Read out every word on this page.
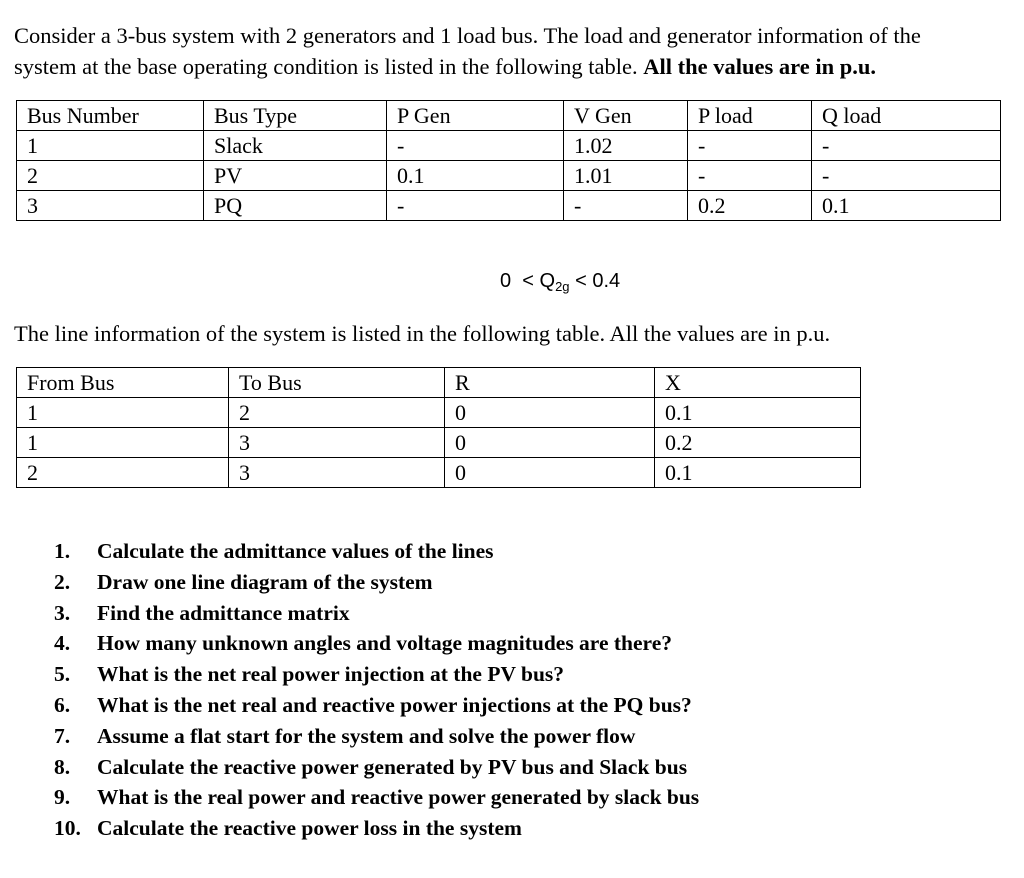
Consider a 3-bus system with 2 generators and 1 load bus. The load and generator information of the
system at the base operating condition is listed in the following table. All the values are in p.u.

Bus Number	Bus Type	P Gen	V Gen	P load	Q load
1	Slack	-	1.02	-	-
2	PV	0.1	1.01	-	-
3	PQ	-	-	0.2	0.1
$0 < Q_{2g} < 0.4$

The line information of the system is listed in the following table. All the values are in p.u.

From Bus	To Bus	R	X
1	2	0	0.1
1	3	0	0.2
2	3	0	0.1
1. Calculate the admittance values of the lines
2. Draw one line diagram of the system
3. Find the admittance matrix
4. How many unknown angles and voltage magnitudes are there?
5. What is the net real power injection at the PV bus?
6. What is the net real and reactive power injections at the PQ bus?
7. Assume a flat start for the system and solve the power flow
8. Calculate the reactive power generated by PV bus and Slack bus
9. What is the real power and reactive power generated by slack bus
10. Calculate the reactive power loss in the system
